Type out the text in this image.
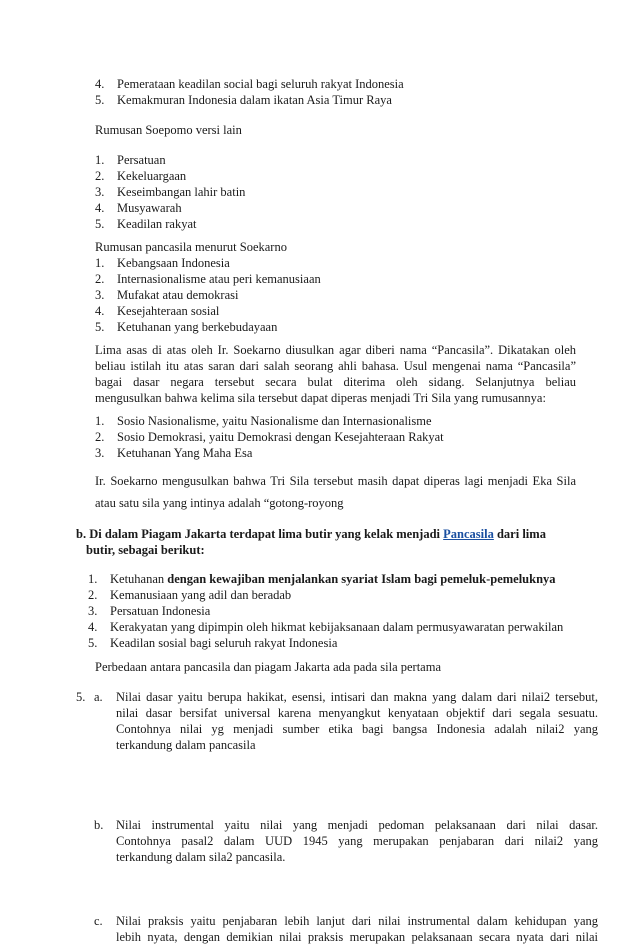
4. Pemerataan keadilan social bagi seluruh rakyat Indonesia
5. Kemakmuran Indonesia dalam ikatan Asia Timur Raya

Rumusan Soepomo versi lain

1. Persatuan
2. Kekeluargaan
3. Keseimbangan lahir batin
4. Musyawarah
5. Keadilan rakyat

Rumusan pancasila menurut Soekarno

1. Kebangsaan Indonesia
2. Internasionalisme atau peri kemanusiaan
3. Mufakat atau demokrasi
4. Kesejahteraan sosial
5. Ketuhanan yang berkebudayaan

Lima asas di atas oleh Ir. Soekarno diusulkan agar diberi nama “Pancasila”. Dikatakan oleh

beliau istilah itu atas saran dari salah seorang ahli bahasa. Usul mengenai nama “Pancasila”

bagai dasar negara tersebut secara bulat diterima oleh sidang. Selanjutnya beliau

mengusulkan bahwa kelima sila tersebut dapat diperas menjadi Tri Sila yang rumusannya:

1. Sosio Nasionalisme, yaitu Nasionalisme dan Internasionalisme
2. Sosio Demokrasi, yaitu Demokrasi dengan Kesejahteraan Rakyat
3. Ketuhanan Yang Maha Esa

Ir. Soekarno mengusulkan bahwa Tri Sila tersebut masih dapat diperas lagi menjadi Eka Sila

atau satu sila yang intinya adalah “gotong-royong

b. Di dalam Piagam Jakarta terdapat lima butir yang kelak menjadi Pancasila dari lima

butir, sebagai berikut:

1. Ketuhanan dengan kewajiban menjalankan syariat Islam bagi pemeluk-pemeluknya
2. Kemanusiaan yang adil dan beradab
3. Persatuan Indonesia
4. Kerakyatan yang dipimpin oleh hikmat kebijaksanaan dalam permusyawaratan perwakilan
5. Keadilan sosial bagi seluruh rakyat Indonesia

Perbedaan antara pancasila dan piagam Jakarta ada pada sila pertama

5. a. Nilai dasar yaitu berupa hakikat, esensi, intisari dan makna yang dalam dari nilai2 tersebut,

nilai dasar bersifat universal karena menyangkut kenyataan objektif dari segala sesuatu.

Contohnya nilai yg menjadi sumber etika bagi bangsa Indonesia adalah nilai2 yang

terkandung dalam pancasila

b. Nilai instrumental yaitu nilai yang menjadi pedoman pelaksanaan dari nilai dasar.

Contohnya pasal2 dalam UUD 1945 yang merupakan penjabaran dari nilai2 yang

terkandung dalam sila2 pancasila.

c. Nilai praksis yaitu penjabaran lebih lanjut dari nilai instrumental dalam kehidupan yang

lebih nyata, dengan demikian nilai praksis merupakan pelaksanaan secara nyata dari nilai
